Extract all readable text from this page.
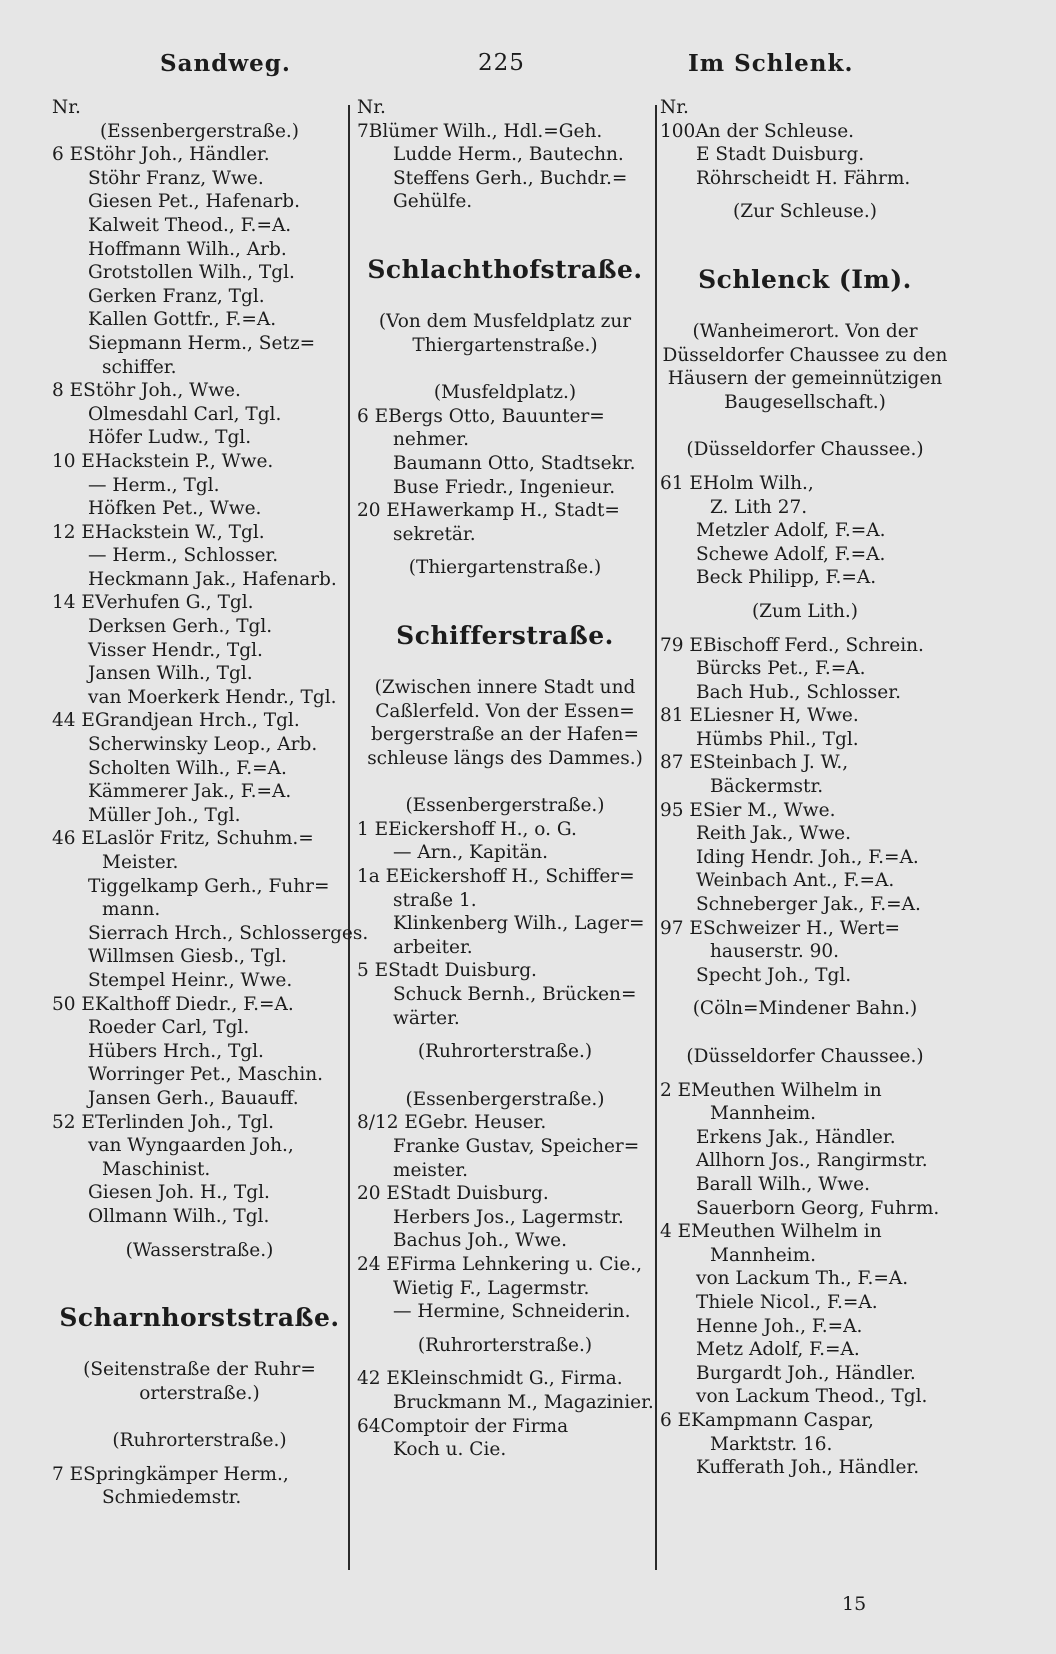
Sandweg.	225	Im Schlenk.
Nr.
(Essenbergerstraße.)
6 EStöhr Joh., Händler.
Stöhr Franz, Wwe.
Giesen Pet., Hafenarb.
Kalweit Theod., F.=A.
Hoffmann Wilh., Arb.
Grotstollen Wilh., Tgl.
Gerken Franz, Tgl.
Kallen Gottfr., F.=A.
Siepmann Herm., Setz=
schiffer.
8 EStöhr Joh., Wwe.
Olmesdahl Carl, Tgl.
Höfer Ludw., Tgl.
10 EHackstein P., Wwe.
— Herm., Tgl.
Höfken Pet., Wwe.
12 EHackstein W., Tgl.
— Herm., Schlosser.
Heckmann Jak., Hafenarb.
14 EVerhufen G., Tgl.
Derksen Gerh., Tgl.
Visser Hendr., Tgl.
Jansen Wilh., Tgl.
van Moerkerk Hendr., Tgl.
44 EGrandjean Hrch., Tgl.
Scherwinsky Leop., Arb.
Scholten Wilh., F.=A.
Kämmerer Jak., F.=A.
Müller Joh., Tgl.
46 ELaslör Fritz, Schuhm.=
Meister.
Tiggelkamp Gerh., Fuhr=
mann.
Sierrach Hrch., Schlosserges.
Willmsen Giesb., Tgl.
Stempel Heinr., Wwe.
50 EKalthoff Diedr., F.=A.
Roeder Carl, Tgl.
Hübers Hrch., Tgl.
Worringer Pet., Maschin.
Jansen Gerh., Bauauff.
52 ETerlinden Joh., Tgl.
van Wyngaarden Joh.,
Maschinist.
Giesen Joh. H., Tgl.
Ollmann Wilh., Tgl.
(Wasserstraße.)
Scharnhorststraße.
(Seitenstraße der Ruhr=
orterstraße.)
(Ruhrorterstraße.)
7 ESpringkämper Herm.,
Schmiedemstr.
Nr.
7Blümer Wilh., Hdl.=Geh.
Ludde Herm., Bautechn.
Steffens Gerh., Buchdr.=
Gehülfe.
Schlachthofstraße.
(Von dem Musfeldplatz zur
Thiergartenstraße.)
(Musfeldplatz.)
6 EBergs Otto, Bauunter=
nehmer.
Baumann Otto, Stadtsekr.
Buse Friedr., Ingenieur.
20 EHawerkamp H., Stadt=
sekretär.
(Thiergartenstraße.)
Schifferstraße.
(Zwischen innere Stadt und
Caßlerfeld. Von der Essen=
bergerstraße an der Hafen=
schleuse längs des Dammes.)
(Essenbergerstraße.)
1 EEickershoff H., o. G.
— Arn., Kapitän.
1a EEickershoff H., Schiffer=
straße 1.
Klinkenberg Wilh., Lager=
arbeiter.
5 EStadt Duisburg.
Schuck Bernh., Brücken=
wärter.
(Ruhrorterstraße.)
(Essenbergerstraße.)
8/12 EGebr. Heuser.
Franke Gustav, Speicher=
meister.
20 EStadt Duisburg.
Herbers Jos., Lagermstr.
Bachus Joh., Wwe.
24 EFirma Lehnkering u. Cie.,
Wietig F., Lagermstr.
— Hermine, Schneiderin.
(Ruhrorterstraße.)
42 EKleinschmidt G., Firma.
Bruckmann M., Magazinier.
64Comptoir der Firma
Koch u. Cie.
Nr.
100An der Schleuse.
E Stadt Duisburg.
Röhrscheidt H. Fährm.
(Zur Schleuse.)
Schlenck (Im).
(Wanheimerort. Von der
Düsseldorfer Chaussee zu den
Häusern der gemeinnützigen
Baugesellschaft.)
(Düsseldorfer Chaussee.)
61 EHolm Wilh.,
Z. Lith 27.
Metzler Adolf, F.=A.
Schewe Adolf, F.=A.
Beck Philipp, F.=A.
(Zum Lith.)
79 EBischoff Ferd., Schrein.
Bürcks Pet., F.=A.
Bach Hub., Schlosser.
81 ELiesner H, Wwe.
Hümbs Phil., Tgl.
87 ESteinbach J. W.,
Bäckermstr.
95 ESier M., Wwe.
Reith Jak., Wwe.
Iding Hendr. Joh., F.=A.
Weinbach Ant., F.=A.
Schneberger Jak., F.=A.
97 ESchweizer H., Wert=
hauserstr. 90.
Specht Joh., Tgl.
(Cöln=Mindener Bahn.)
(Düsseldorfer Chaussee.)
2 EMeuthen Wilhelm in
Mannheim.
Erkens Jak., Händler.
Allhorn Jos., Rangirmstr.
Barall Wilh., Wwe.
Sauerborn Georg, Fuhrm.
4 EMeuthen Wilhelm in
Mannheim.
von Lackum Th., F.=A.
Thiele Nicol., F.=A.
Henne Joh., F.=A.
Metz Adolf, F.=A.
Burgardt Joh., Händler.
von Lackum Theod., Tgl.
6 EKampmann Caspar,
Marktstr. 16.
Kufferath Joh., Händler.
15
